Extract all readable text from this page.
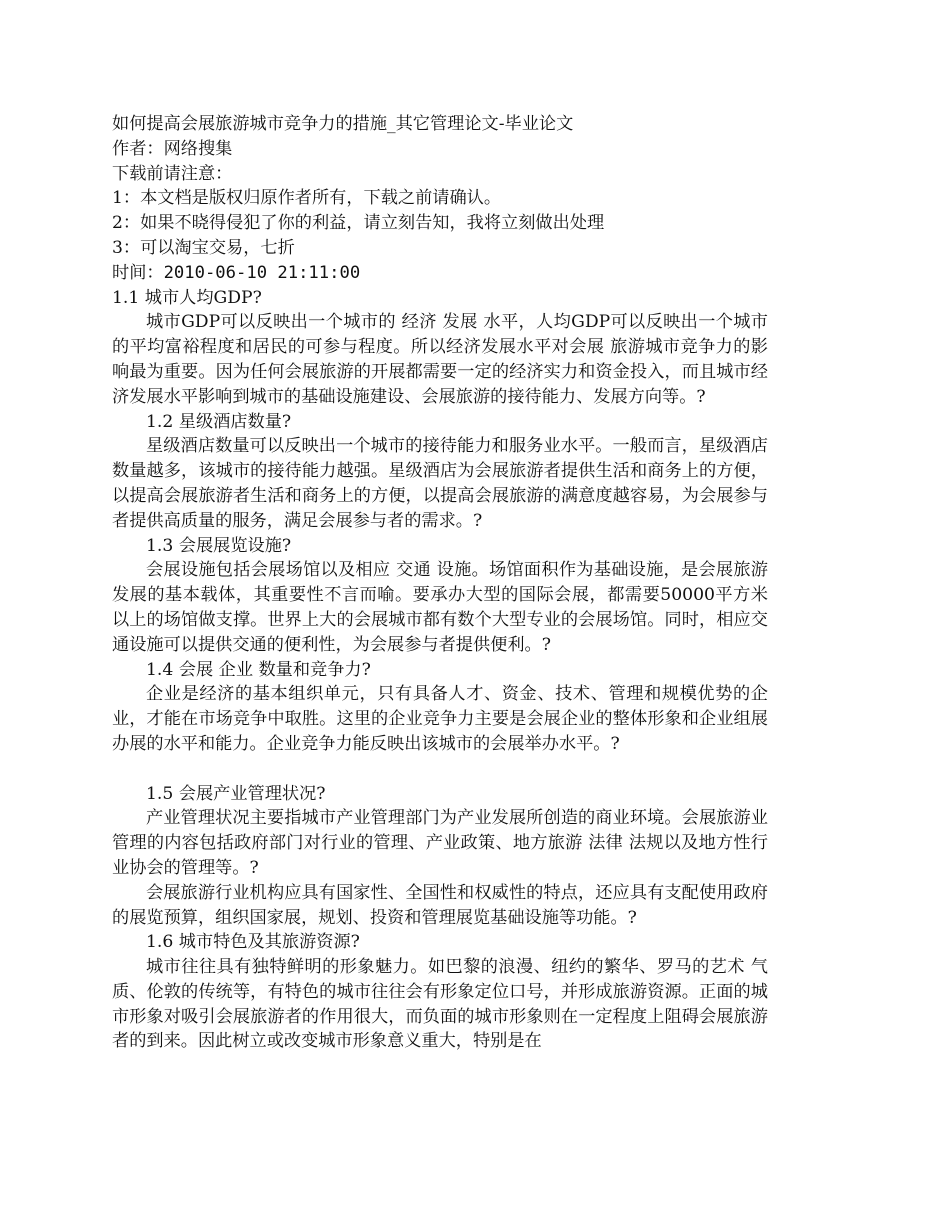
如何提高会展旅游城市竞争力的措施_其它管理论文-毕业论文
作者：网络搜集
下载前请注意：
1：本文档是版权归原作者所有，下载之前请确认。
2：如果不晓得侵犯了你的利益，请立刻告知，我将立刻做出处理
3：可以淘宝交易，七折
时间：2010-06-10 21:11:00
1.1 城市人均GDP?
城市GDP可以反映出一个城市的 经济 发展 水平，人均GDP可以反映出一个城市的平均富裕程度和居民的可参与程度。所以经济发展水平对会展 旅游城市竞争力的影响最为重要。因为任何会展旅游的开展都需要一定的经济实力和资金投入，而且城市经济发展水平影响到城市的基础设施建设、会展旅游的接待能力、发展方向等。?
1.2 星级酒店数量?
星级酒店数量可以反映出一个城市的接待能力和服务业水平。一般而言，星级酒店数量越多，该城市的接待能力越强。星级酒店为会展旅游者提供生活和商务上的方便，以提高会展旅游者生活和商务上的方便，以提高会展旅游的满意度越容易，为会展参与者提供高质量的服务，满足会展参与者的需求。?
1.3 会展展览设施?
会展设施包括会展场馆以及相应 交通 设施。场馆面积作为基础设施，是会展旅游发展的基本载体，其重要性不言而喻。要承办大型的国际会展，都需要50000平方米以上的场馆做支撑。世界上大的会展城市都有数个大型专业的会展场馆。同时，相应交通设施可以提供交通的便利性，为会展参与者提供便利。?
1.4 会展 企业 数量和竞争力?
企业是经济的基本组织单元，只有具备人才、资金、技术、管理和规模优势的企业，才能在市场竞争中取胜。这里的企业竞争力主要是会展企业的整体形象和企业组展办展的水平和能力。企业竞争力能反映出该城市的会展举办水平。?
1.5 会展产业管理状况?
产业管理状况主要指城市产业管理部门为产业发展所创造的商业环境。会展旅游业管理的内容包括政府部门对行业的管理、产业政策、地方旅游 法律 法规以及地方性行业协会的管理等。?
会展旅游行业机构应具有国家性、全国性和权威性的特点，还应具有支配使用政府的展览预算，组织国家展，规划、投资和管理展览基础设施等功能。?
1.6 城市特色及其旅游资源?
城市往往具有独特鲜明的形象魅力。如巴黎的浪漫、纽约的繁华、罗马的艺术 气质、伦敦的传统等，有特色的城市往往会有形象定位口号，并形成旅游资源。正面的城市形象对吸引会展旅游者的作用很大，而负面的城市形象则在一定程度上阻碍会展旅游者的到来。因此树立或改变城市形象意义重大，特别是在
